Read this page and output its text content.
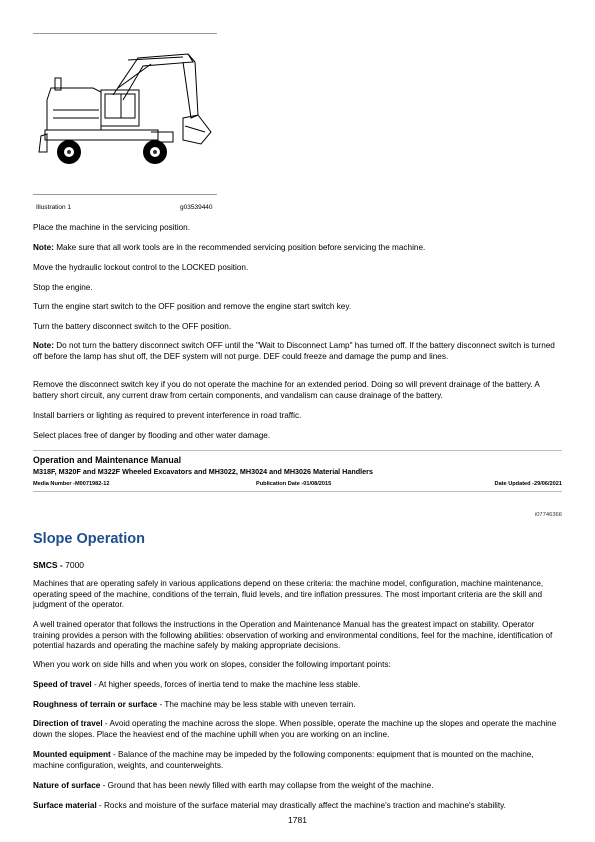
Illustration 1	g03539440

Place the machine in the servicing position.

Note: Make sure that all work tools are in the recommended servicing position before servicing the machine.

Move the hydraulic lockout control to the LOCKED position.

Stop the engine.

Turn the engine start switch to the OFF position and remove the engine start switch key.

Turn the battery disconnect switch to the OFF position.

Note: Do not turn the battery disconnect switch OFF until the "Wait to Disconnect Lamp" has turned off. If the battery disconnect switch is turned off before the lamp has shut off, the DEF system will not purge. DEF could freeze and damage the pump and lines.

Remove the disconnect switch key if you do not operate the machine for an extended period. Doing so will prevent drainage of the battery. A battery short circuit, any current draw from certain components, and vandalism can cause drainage of the battery.

Install barriers or lighting as required to prevent interference in road traffic.

Select places free of danger by flooding and other water damage.

Operation and Maintenance Manual
M318F, M320F and M322F Wheeled Excavators and MH3022, MH3024 and MH3026 Material Handlers
Media Number -M0071982-12	Publication Date -01/08/2015	Date Updated -29/06/2021
i07746366
Slope Operation

SMCS - 7000

Machines that are operating safely in various applications depend on these criteria: the machine model, configuration, machine maintenance, operating speed of the machine, conditions of the terrain, fluid levels, and tire inflation pressures. The most important criteria are the skill and judgment of the operator.

A well trained operator that follows the instructions in the Operation and Maintenance Manual has the greatest impact on stability. Operator training provides a person with the following abilities: observation of working and environmental conditions, feel for the machine, identification of potential hazards and operating the machine safely by making appropriate decisions.

When you work on side hills and when you work on slopes, consider the following important points:

Speed of travel - At higher speeds, forces of inertia tend to make the machine less stable.

Roughness of terrain or surface - The machine may be less stable with uneven terrain.

Direction of travel - Avoid operating the machine across the slope. When possible, operate the machine up the slopes and operate the machine down the slopes. Place the heaviest end of the machine uphill when you are working on an incline.

Mounted equipment - Balance of the machine may be impeded by the following components: equipment that is mounted on the machine, machine configuration, weights, and counterweights.

Nature of surface - Ground that has been newly filled with earth may collapse from the weight of the machine.

Surface material - Rocks and moisture of the surface material may drastically affect the machine's traction and machine's stability.

1781
